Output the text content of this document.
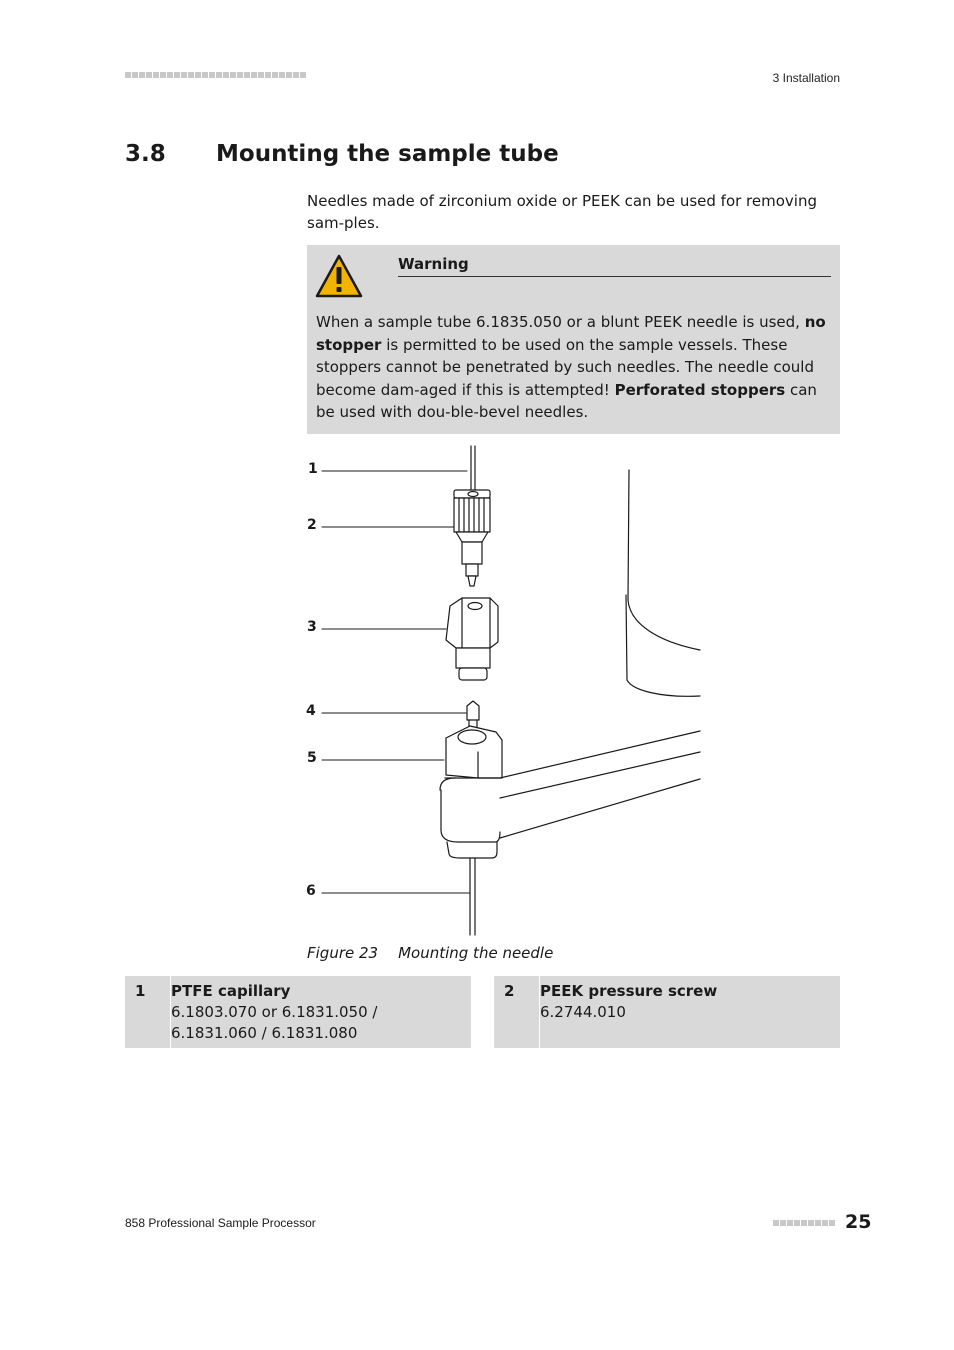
3 Installation
3.8 Mounting the sample tube
Needles made of zirconium oxide or PEEK can be used for removing sam-ples.
Warning
When a sample tube 6.1835.050 or a blunt PEEK needle is used, no stopper is permitted to be used on the sample vessels. These stoppers cannot be penetrated by such needles. The needle could become dam-aged if this is attempted! Perforated stoppers can be used with dou-ble-bevel needles.
1
2
3
4
5
6
Figure 23 Mounting the needle
1 PTFE capillary
6.1803.070 or 6.1831.050 / 6.1831.060 / 6.1831.080
2 PEEK pressure screw
6.2744.010
858 Professional Sample Processor	25
